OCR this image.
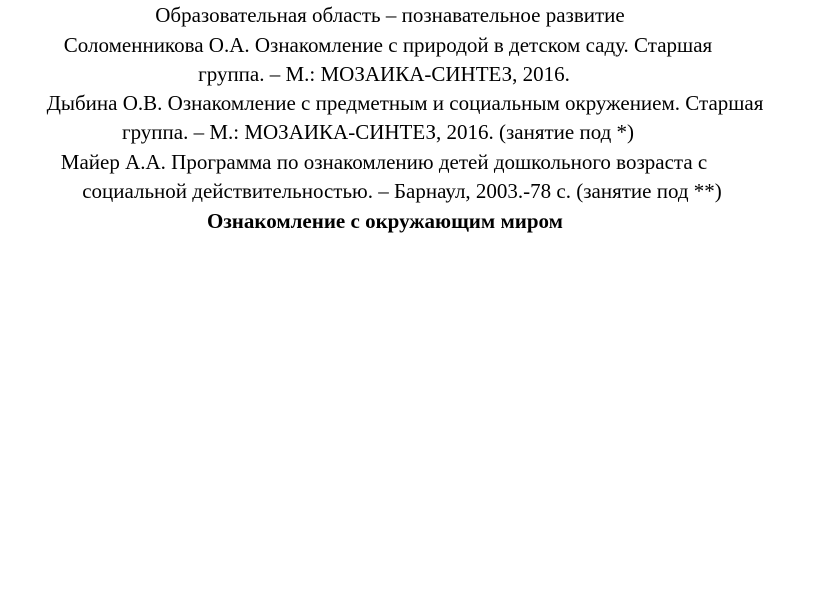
Образовательная область – познавательное развитие
Соломенникова О.А. Ознакомление с природой в детском саду. Старшая
группа. – М.: МОЗАИКА-СИНТЕЗ, 2016.
Дыбина О.В. Ознакомление с предметным и социальным окружением. Старшая
группа. – М.: МОЗАИКА-СИНТЕЗ, 2016. (занятие под *)
Майер А.А. Программа по ознакомлению детей дошкольного возраста с
социальной действительностью. – Барнаул, 2003.-78 с. (занятие под **)
Ознакомление с окружающим миром
